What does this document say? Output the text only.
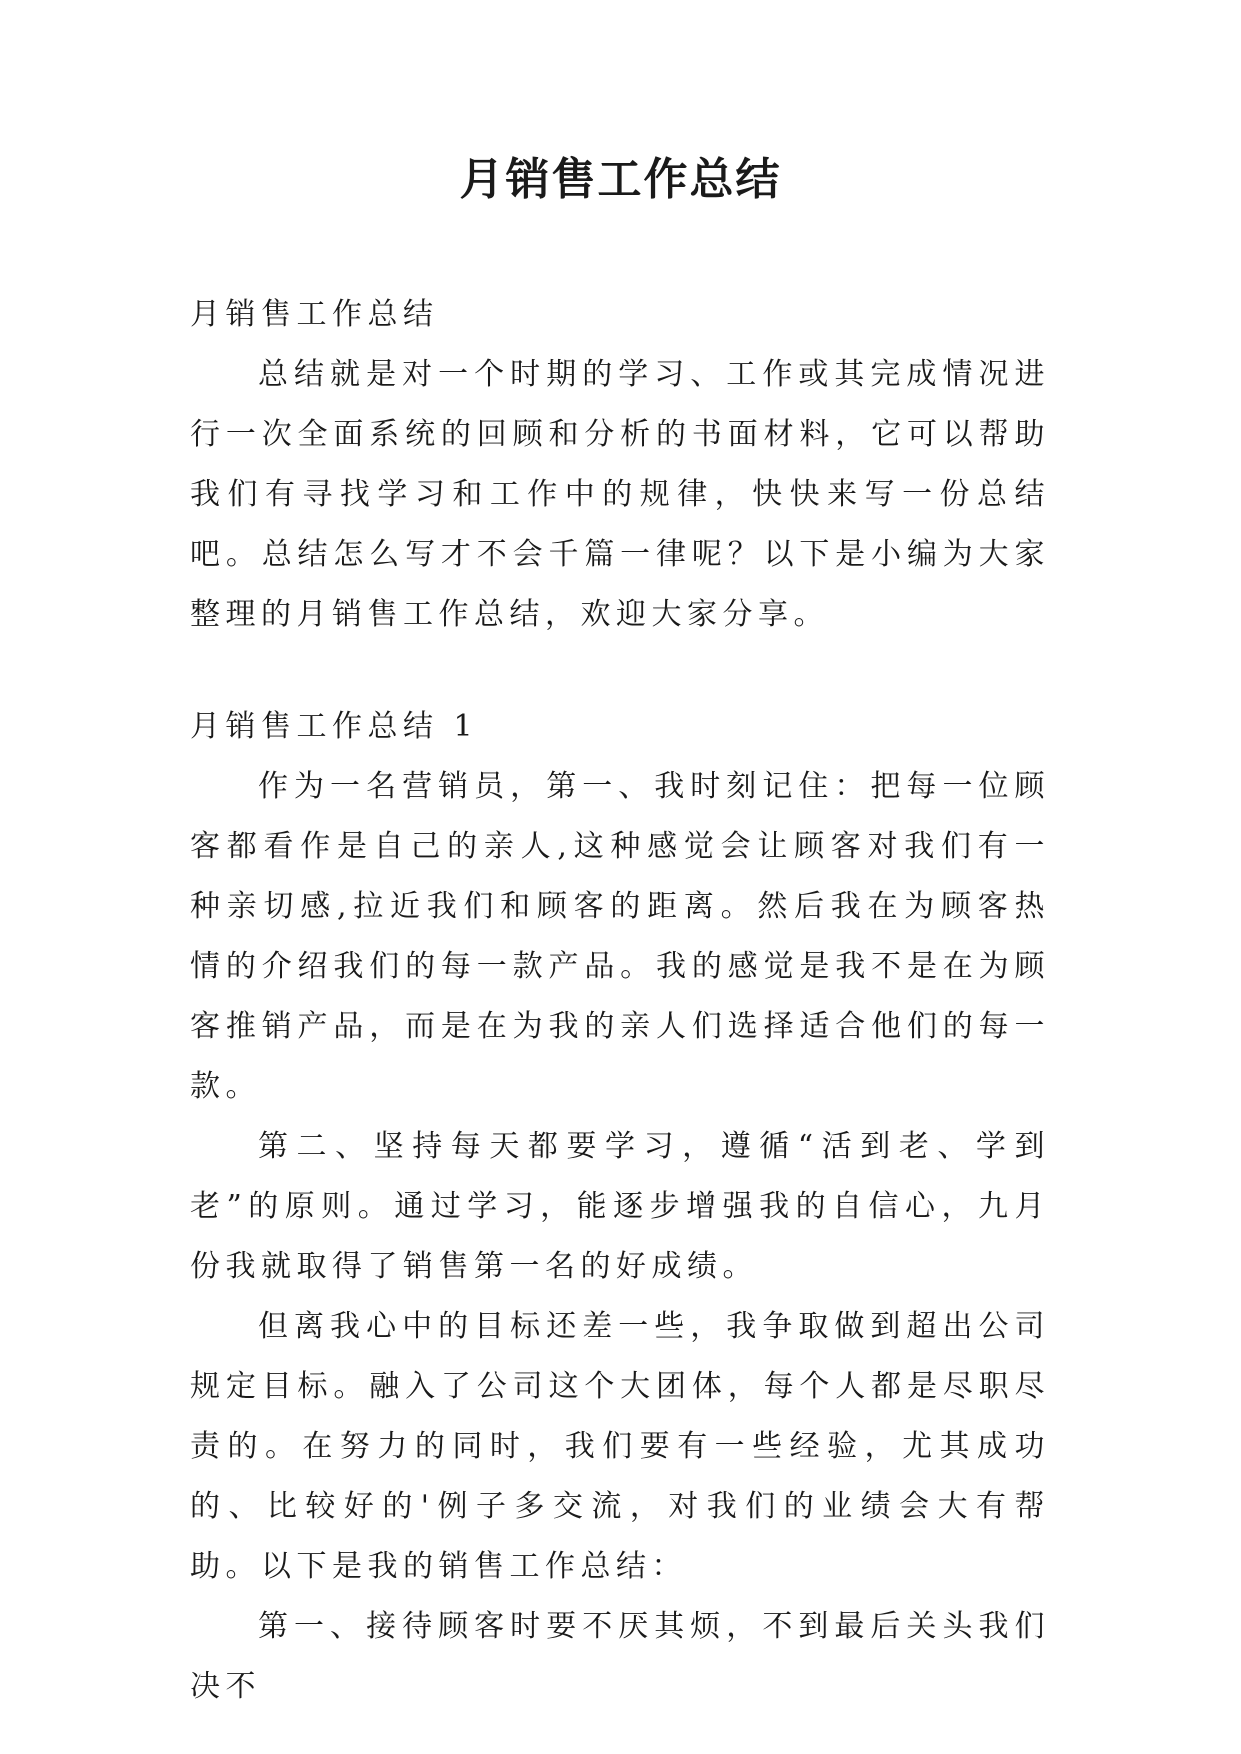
月销售工作总结

月销售工作总结

总结就是对一个时期的学习、工作或其完成情况进行一次全面系统的回顾和分析的书面材料，它可以帮助我们有寻找学习和工作中的规律，快快来写一份总结吧。总结怎么写才不会千篇一律呢？以下是小编为大家整理的月销售工作总结，欢迎大家分享。

月销售工作总结 1

作为一名营销员，第一、我时刻记住：把每一位顾客都看作是自己的亲人,这种感觉会让顾客对我们有一种亲切感,拉近我们和顾客的距离。然后我在为顾客热情的介绍我们的每一款产品。我的感觉是我不是在为顾客推销产品，而是在为我的亲人们选择适合他们的每一款。

第二、坚持每天都要学习，遵循“活到老、学到老”的原则。通过学习，能逐步增强我的自信心，九月份我就取得了销售第一名的好成绩。

但离我心中的目标还差一些，我争取做到超出公司规定目标。融入了公司这个大团体，每个人都是尽职尽责的。在努力的同时，我们要有一些经验，尤其成功的、比较好的'例子多交流，对我们的业绩会大有帮助。以下是我的销售工作总结：

第一、接待顾客时要不厌其烦，不到最后关头我们决不
